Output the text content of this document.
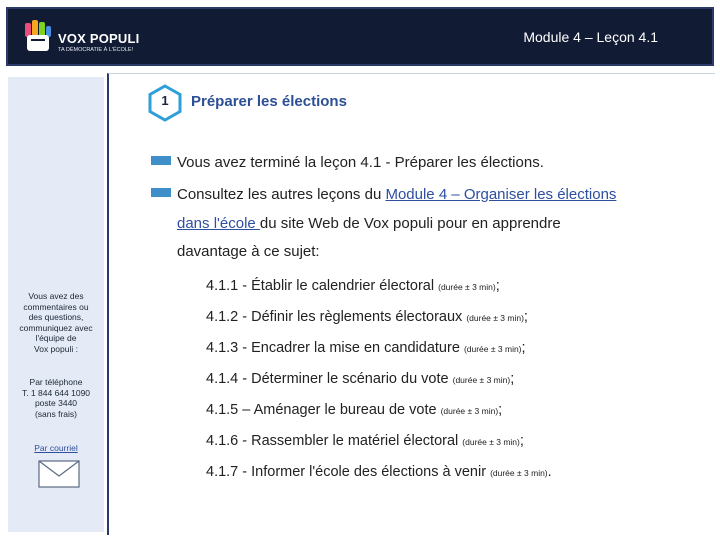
VOX POPULI
TA DÉMOCRATIE À L'ÉCOLE!
Module 4 – Leçon 4.1
Vous avez des
commentaires ou
des questions,
communiquez avec
l'équipe de
Vox populi :
Par téléphone
T. 1 844 644 1090
poste 3440
(sans frais)
Par courriel
1	Préparer les élections
Vous avez terminé la leçon 4.1 - Préparer les élections.
Consultez les autres leçons du Module 4 – Organiser les élections
dans l'école du site Web de Vox populi pour en apprendre
davantage à ce sujet:
4.1.1 - Établir le calendrier électoral (durée ± 3 min);
4.1.2 - Définir les règlements électoraux (durée ± 3 min);
4.1.3 - Encadrer la mise en candidature (durée ± 3 min);
4.1.4 - Déterminer le scénario du vote (durée ± 3 min);
4.1.5 – Aménager le bureau de vote (durée ± 3 min);
4.1.6 - Rassembler le matériel électoral (durée ± 3 min);
4.1.7 - Informer l'école des élections à venir (durée ± 3 min).
